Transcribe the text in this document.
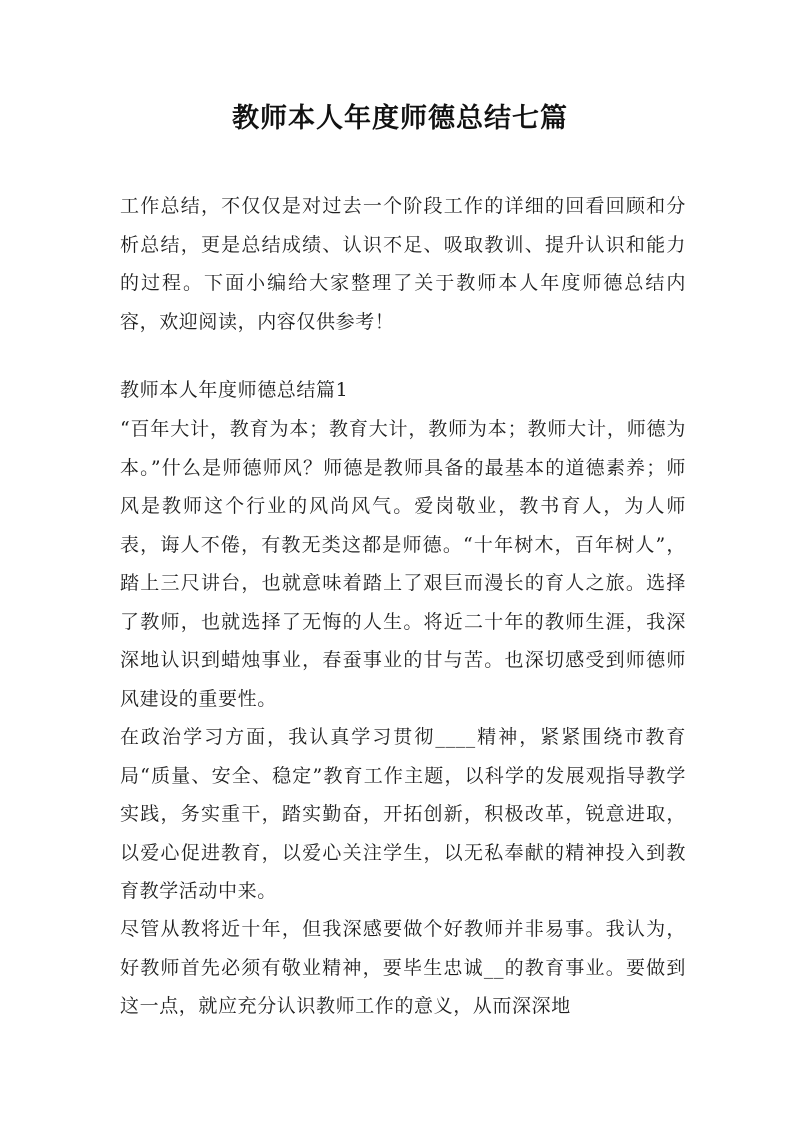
教师本人年度师德总结七篇

工作总结，不仅仅是对过去一个阶段工作的详细的回看回顾和分析总结，更是总结成绩、认识不足、吸取教训、提升认识和能力的过程。下面小编给大家整理了关于教师本人年度师德总结内容，欢迎阅读，内容仅供参考！

教师本人年度师德总结篇1

“百年大计，教育为本；教育大计，教师为本；教师大计，师德为本。”什么是师德师风？师德是教师具备的最基本的道德素养；师风是教师这个行业的风尚风气。爱岗敬业，教书育人，为人师表，诲人不倦，有教无类这都是师德。“十年树木，百年树人”，踏上三尺讲台，也就意味着踏上了艰巨而漫长的育人之旅。选择了教师，也就选择了无悔的人生。将近二十年的教师生涯，我深深地认识到蜡烛事业，春蚕事业的甘与苦。也深切感受到师德师风建设的重要性。

在政治学习方面，我认真学习贯彻____精神，紧紧围绕市教育局“质量、安全、稳定”教育工作主题，以科学的发展观指导教学实践，务实重干，踏实勤奋，开拓创新，积极改革，锐意进取，以爱心促进教育，以爱心关注学生，以无私奉献的精神投入到教育教学活动中来。

尽管从教将近十年，但我深感要做个好教师并非易事。我认为，好教师首先必须有敬业精神，要毕生忠诚__的教育事业。要做到这一点，就应充分认识教师工作的意义，从而深深地
